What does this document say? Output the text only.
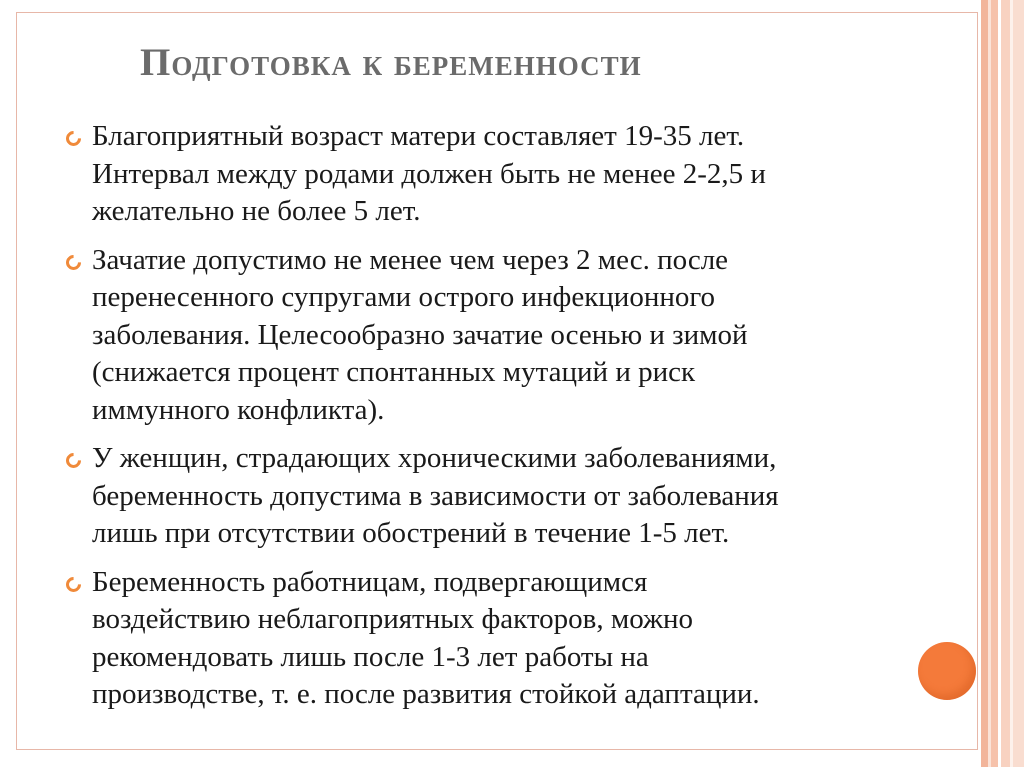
Подготовка к беременности
Благоприятный возраст матери составляет 19-35 лет.
Интервал между родами должен быть не менее 2-2,5 и
желательно не более 5 лет.
Зачатие допустимо не менее чем через 2 мес. после
перенесенного супругами острого инфекционного
заболевания. Целесообразно зачатие осенью и зимой
(снижается процент спонтанных мутаций и риск
иммунного конфликта).
У женщин, страдающих хроническими заболеваниями,
беременность допустима в зависимости от заболевания
лишь при отсутствии обострений в течение 1-5 лет.
Беременность работницам, подвергающимся
воздействию неблагоприятных факторов, можно
рекомендовать лишь после 1-3 лет работы на
производстве, т. е. после развития стойкой адаптации.
